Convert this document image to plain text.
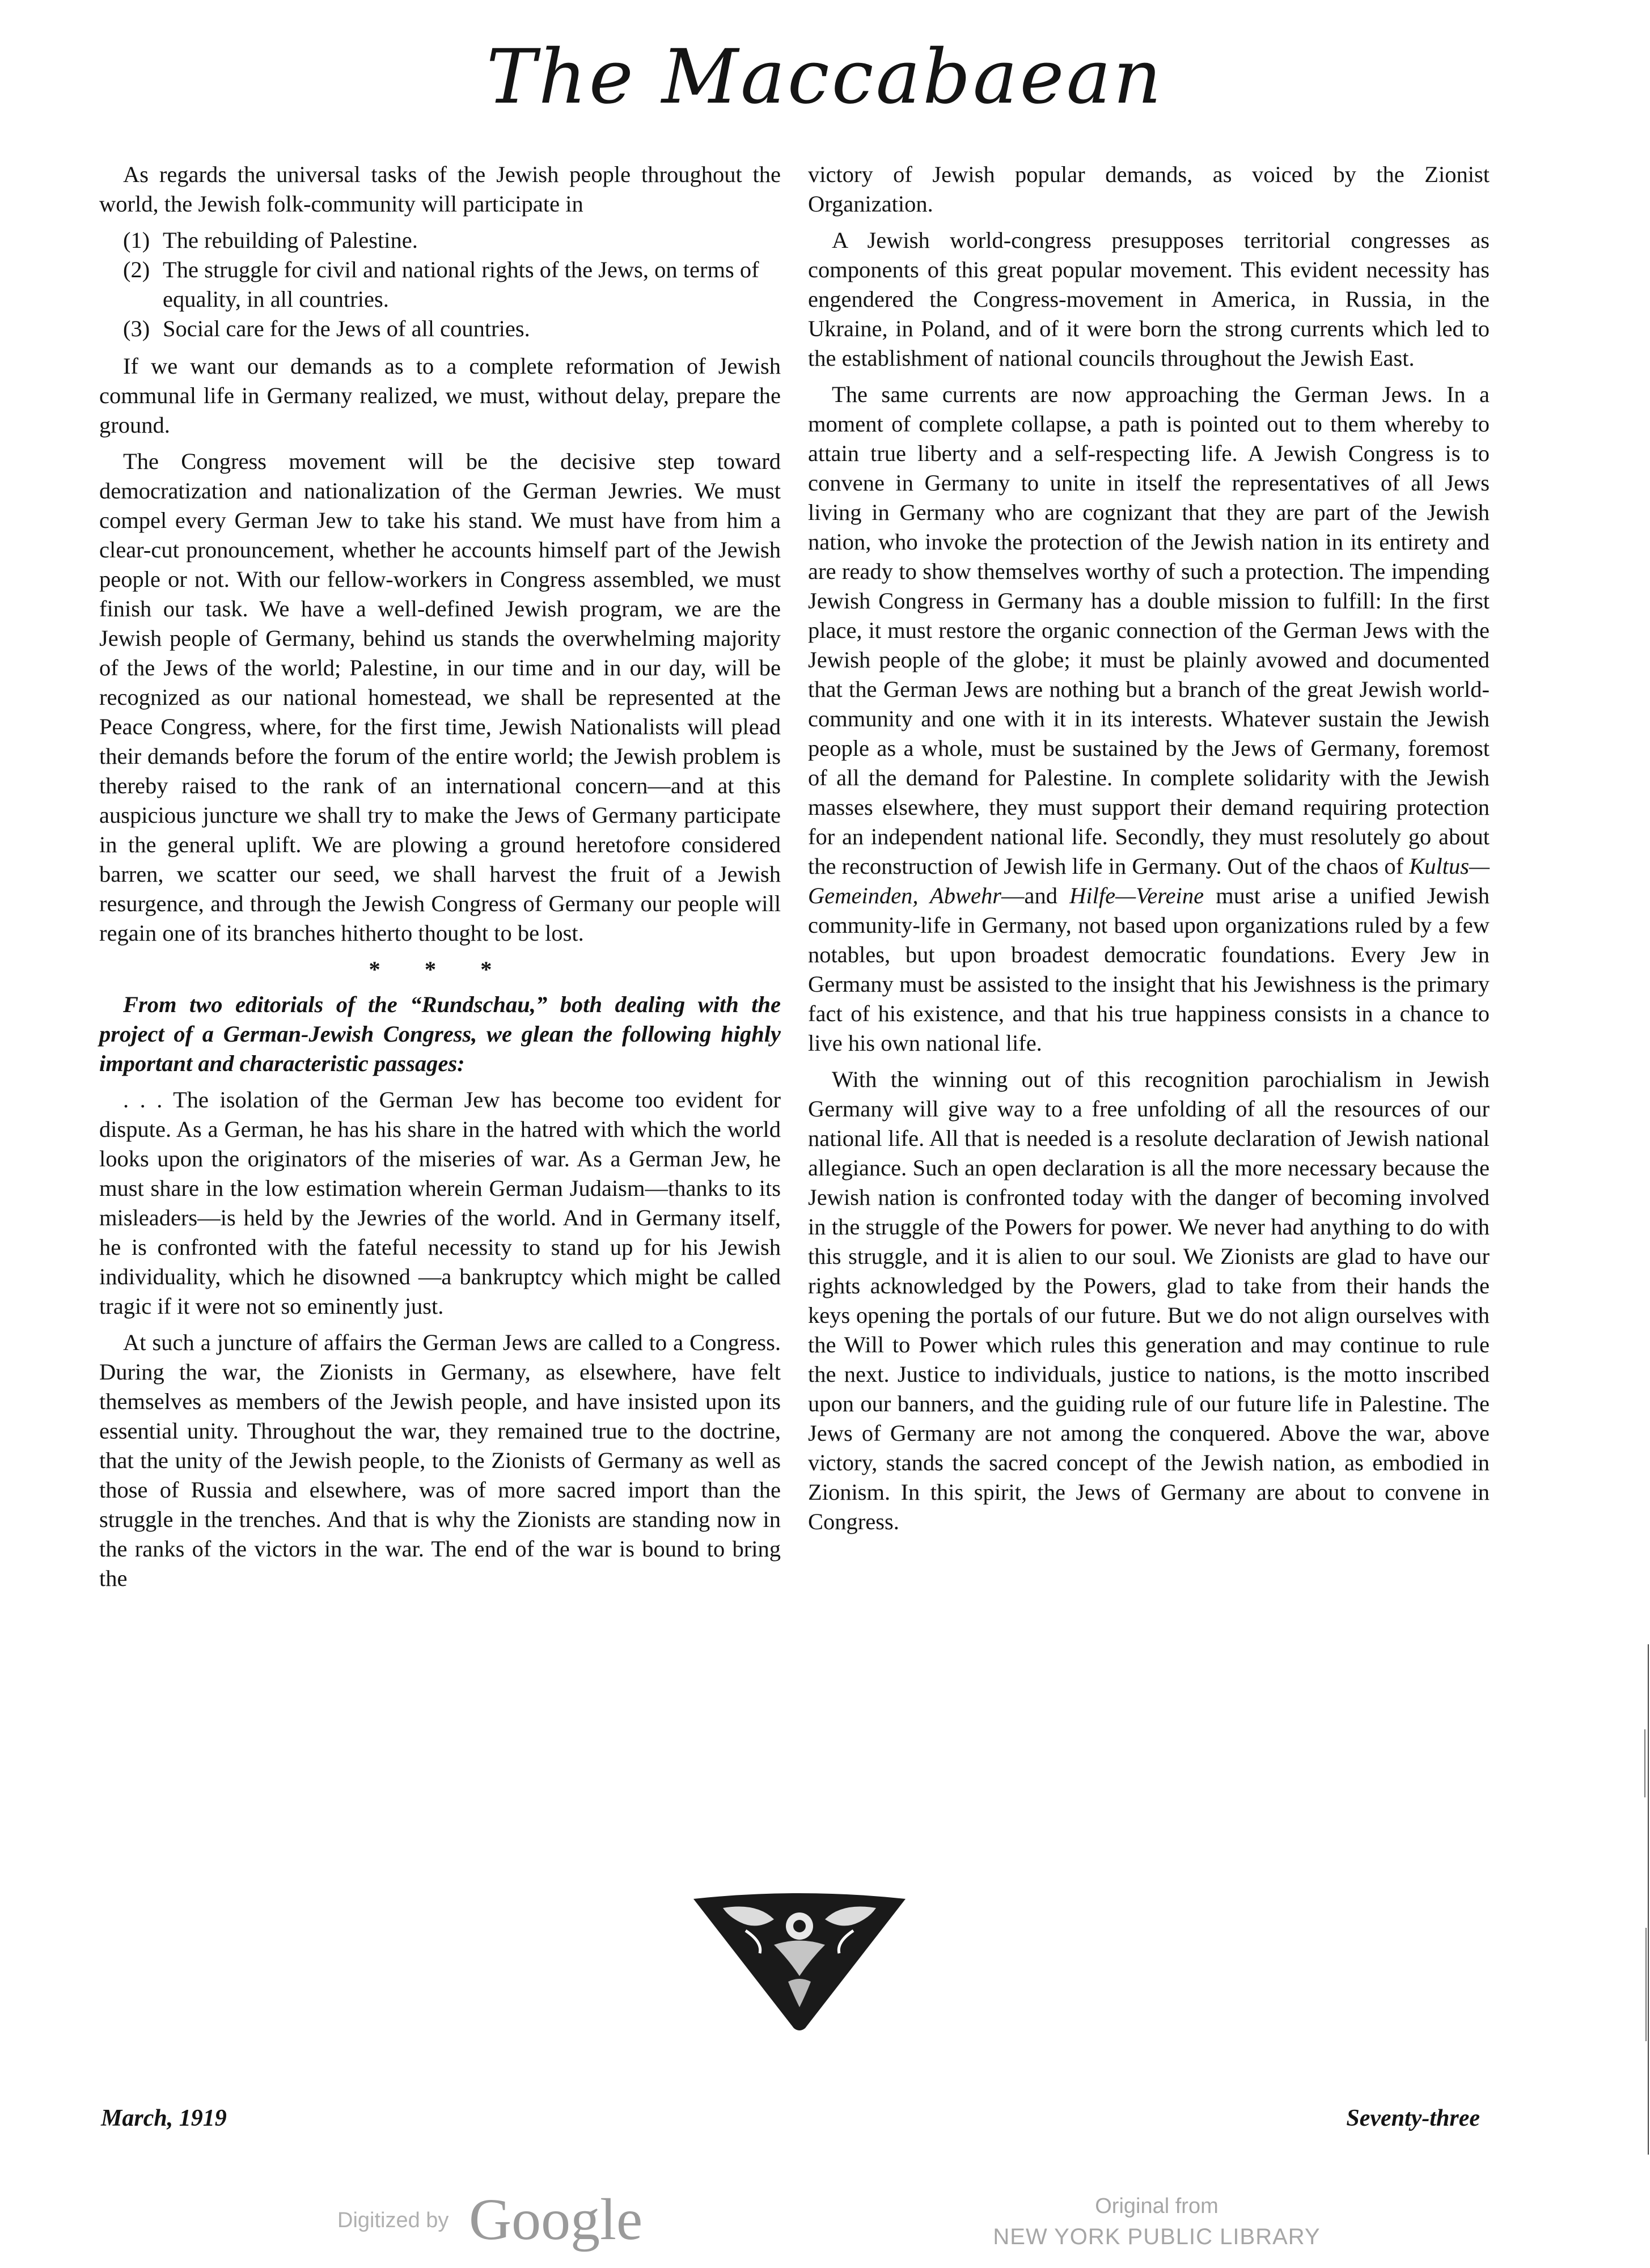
The Maccabaean

As regards the universal tasks of the Jewish people throughout the world, the Jewish folk-community will participate in

(1) The rebuilding of Palestine.
(2) The struggle for civil and national rights of the Jews, on terms of equality, in all countries.
(3) Social care for the Jews of all countries.

If we want our demands as to a complete reformation of Jewish communal life in Germany realized, we must, without delay, prepare the ground.

The Congress movement will be the decisive step toward democratization and nationalization of the German Jewries. We must compel every German Jew to take his stand. We must have from him a clear-cut pronouncement, whether he accounts himself part of the Jewish people or not. With our fellow-workers in Congress assembled, we must finish our task. We have a well-defined Jewish program, we are the Jewish people of Germany, behind us stands the overwhelming majority of the Jews of the world; Palestine, in our time and in our day, will be recognized as our national homestead, we shall be represented at the Peace Congress, where, for the first time, Jewish Nationalists will plead their demands before the forum of the entire world; the Jewish problem is thereby raised to the rank of an international concern—and at this auspicious juncture we shall try to make the Jews of Germany participate in the general uplift. We are plowing a ground heretofore considered barren, we scatter our seed, we shall harvest the fruit of a Jewish resurgence, and through the Jewish Congress of Germany our people will regain one of its branches hitherto thought to be lost.

* * *

From two editorials of the “Rundschau,” both dealing with the project of a German-Jewish Congress, we glean the following highly important and characteristic passages:

. . . The isolation of the German Jew has become too evident for dispute. As a German, he has his share in the hatred with which the world looks upon the originators of the miseries of war. As a German Jew, he must share in the low estimation wherein German Judaism—thanks to its misleaders—is held by the Jewries of the world. And in Germany itself, he is confronted with the fateful necessity to stand up for his Jewish individuality, which he disowned —a bankruptcy which might be called tragic if it were not so eminently just.

At such a juncture of affairs the German Jews are called to a Congress. During the war, the Zionists in Germany, as elsewhere, have felt themselves as members of the Jewish people, and have insisted upon its essential unity. Throughout the war, they remained true to the doctrine, that the unity of the Jewish people, to the Zionists of Germany as well as those of Russia and elsewhere, was of more sacred import than the struggle in the trenches. And that is why the Zionists are standing now in the ranks of the victors in the war. The end of the war is bound to bring the

victory of Jewish popular demands, as voiced by the Zionist Organization.

A Jewish world-congress presupposes territorial congresses as components of this great popular movement. This evident necessity has engendered the Congress-movement in America, in Russia, in the Ukraine, in Poland, and of it were born the strong currents which led to the establishment of national councils throughout the Jewish East.

The same currents are now approaching the German Jews. In a moment of complete collapse, a path is pointed out to them whereby to attain true liberty and a self-respecting life. A Jewish Congress is to convene in Germany to unite in itself the representatives of all Jews living in Germany who are cognizant that they are part of the Jewish nation, who invoke the protection of the Jewish nation in its entirety and are ready to show themselves worthy of such a protection. The impending Jewish Congress in Germany has a double mission to fulfill: In the first place, it must restore the organic connection of the German Jews with the Jewish people of the globe; it must be plainly avowed and documented that the German Jews are nothing but a branch of the great Jewish world-community and one with it in its interests. Whatever sustain the Jewish people as a whole, must be sustained by the Jews of Germany, foremost of all the demand for Palestine. In complete solidarity with the Jewish masses elsewhere, they must support their demand requiring protection for an independent national life. Secondly, they must resolutely go about the reconstruction of Jewish life in Germany. Out of the chaos of Kultus—Gemeinden, Abwehr—and Hilfe—Vereine must arise a unified Jewish community-life in Germany, not based upon organizations ruled by a few notables, but upon broadest democratic foundations. Every Jew in Germany must be assisted to the insight that his Jewishness is the primary fact of his existence, and that his true happiness consists in a chance to live his own national life.

With the winning out of this recognition parochialism in Jewish Germany will give way to a free unfolding of all the resources of our national life. All that is needed is a resolute declaration of Jewish national allegiance. Such an open declaration is all the more necessary because the Jewish nation is confronted today with the danger of becoming involved in the struggle of the Powers for power. We never had anything to do with this struggle, and it is alien to our soul. We Zionists are glad to have our rights acknowledged by the Powers, glad to take from their hands the keys opening the portals of our future. But we do not align ourselves with the Will to Power which rules this generation and may continue to rule the next. Justice to individuals, justice to nations, is the motto inscribed upon our banners, and the guiding rule of our future life in Palestine. The Jews of Germany are not among the conquered. Above the war, above victory, stands the sacred concept of the Jewish nation, as embodied in Zionism. In this spirit, the Jews of Germany are about to convene in Congress.

March, 1919	Seventy-three
Digitized by Google	Original from
NEW YORK PUBLIC LIBRARY
